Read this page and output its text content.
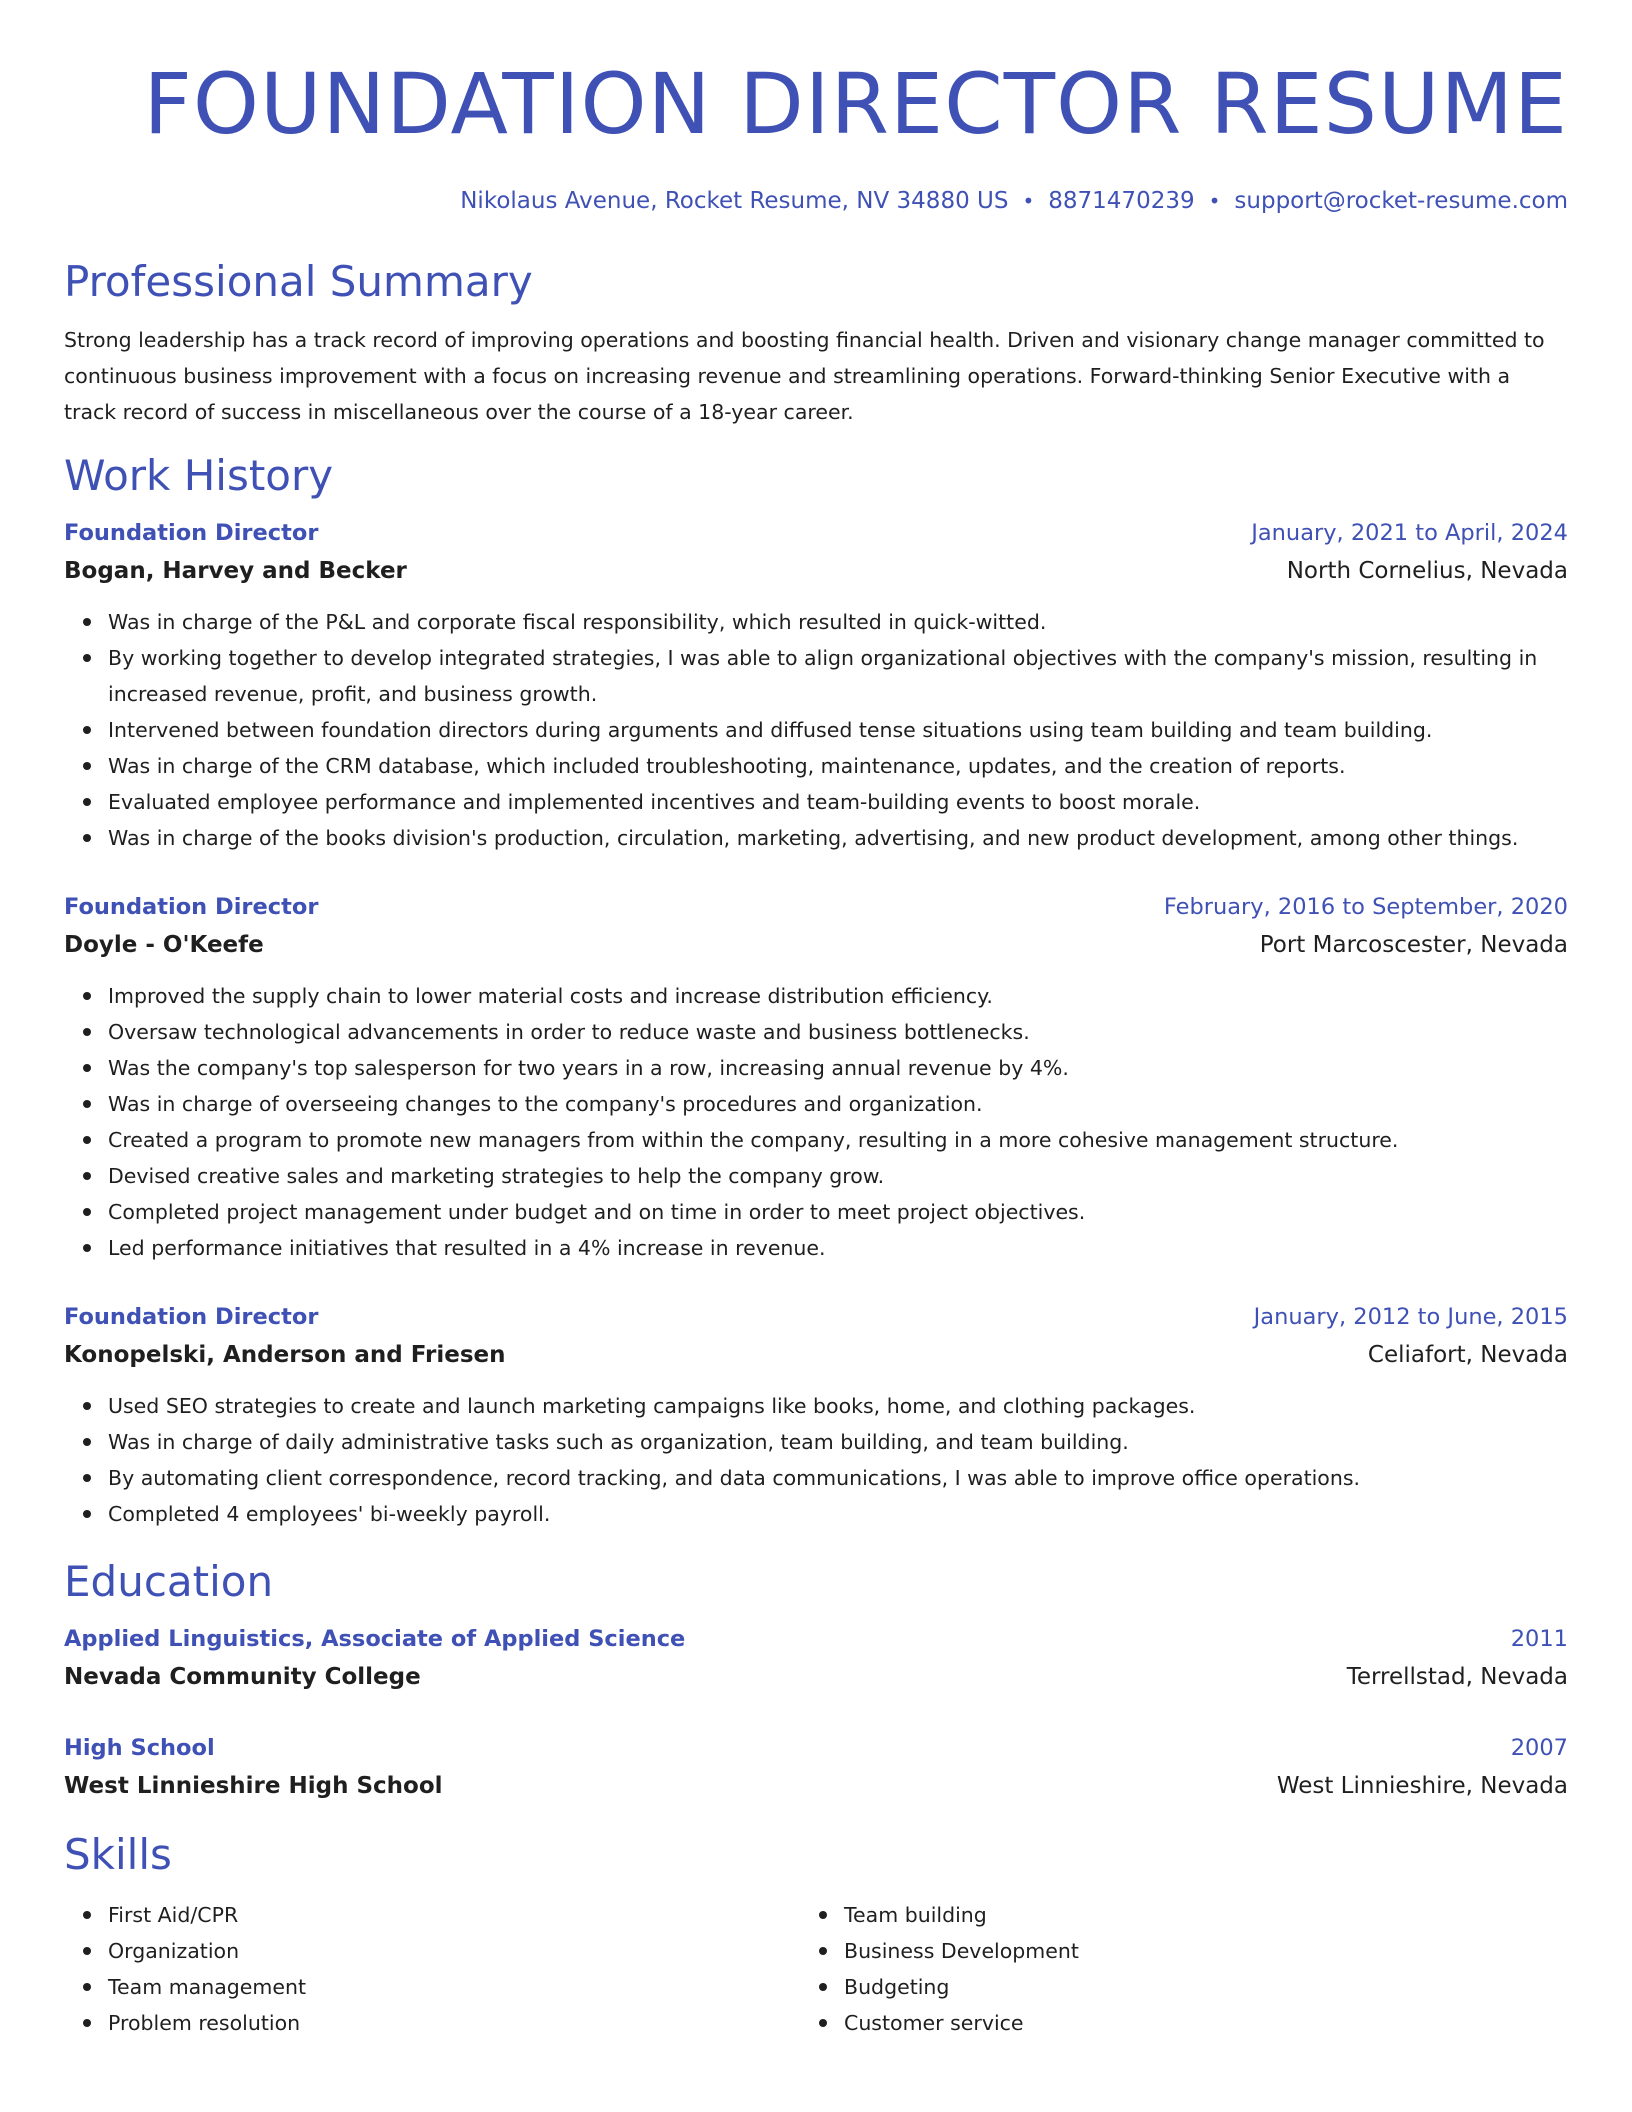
FOUNDATION DIRECTOR RESUME
Nikolaus Avenue, Rocket Resume, NV 34880 US • 8871470239 • support@rocket-resume.com
Professional Summary

Strong leadership has a track record of improving operations and boosting financial health. Driven and visionary change manager committed to continuous business improvement with a focus on increasing revenue and streamlining operations. Forward-thinking Senior Executive with a track record of success in miscellaneous over the course of a 18-year career.

Work History
Foundation Director	January, 2021 to April, 2024
Bogan, Harvey and Becker	North Cornelius, Nevada
Was in charge of the P&L and corporate fiscal responsibility, which resulted in quick-witted.
By working together to develop integrated strategies, I was able to align organizational objectives with the company's mission, resulting in increased revenue, profit, and business growth.
Intervened between foundation directors during arguments and diffused tense situations using team building and team building.
Was in charge of the CRM database, which included troubleshooting, maintenance, updates, and the creation of reports.
Evaluated employee performance and implemented incentives and team-building events to boost morale.
Was in charge of the books division's production, circulation, marketing, advertising, and new product development, among other things.
Foundation Director	February, 2016 to September, 2020
Doyle - O'Keefe	Port Marcoscester, Nevada
Improved the supply chain to lower material costs and increase distribution efficiency.
Oversaw technological advancements in order to reduce waste and business bottlenecks.
Was the company's top salesperson for two years in a row, increasing annual revenue by 4%.
Was in charge of overseeing changes to the company's procedures and organization.
Created a program to promote new managers from within the company, resulting in a more cohesive management structure.
Devised creative sales and marketing strategies to help the company grow.
Completed project management under budget and on time in order to meet project objectives.
Led performance initiatives that resulted in a 4% increase in revenue.
Foundation Director	January, 2012 to June, 2015
Konopelski, Anderson and Friesen	Celiafort, Nevada
Used SEO strategies to create and launch marketing campaigns like books, home, and clothing packages.
Was in charge of daily administrative tasks such as organization, team building, and team building.
By automating client correspondence, record tracking, and data communications, I was able to improve office operations.
Completed 4 employees' bi-weekly payroll.
Education
Applied Linguistics, Associate of Applied Science	2011
Nevada Community College	Terrellstad, Nevada
High School	2007
West Linnieshire High School	West Linnieshire, Nevada
Skills
First Aid/CPR
Organization
Team management
Problem resolution
Team building
Business Development
Budgeting
Customer service
